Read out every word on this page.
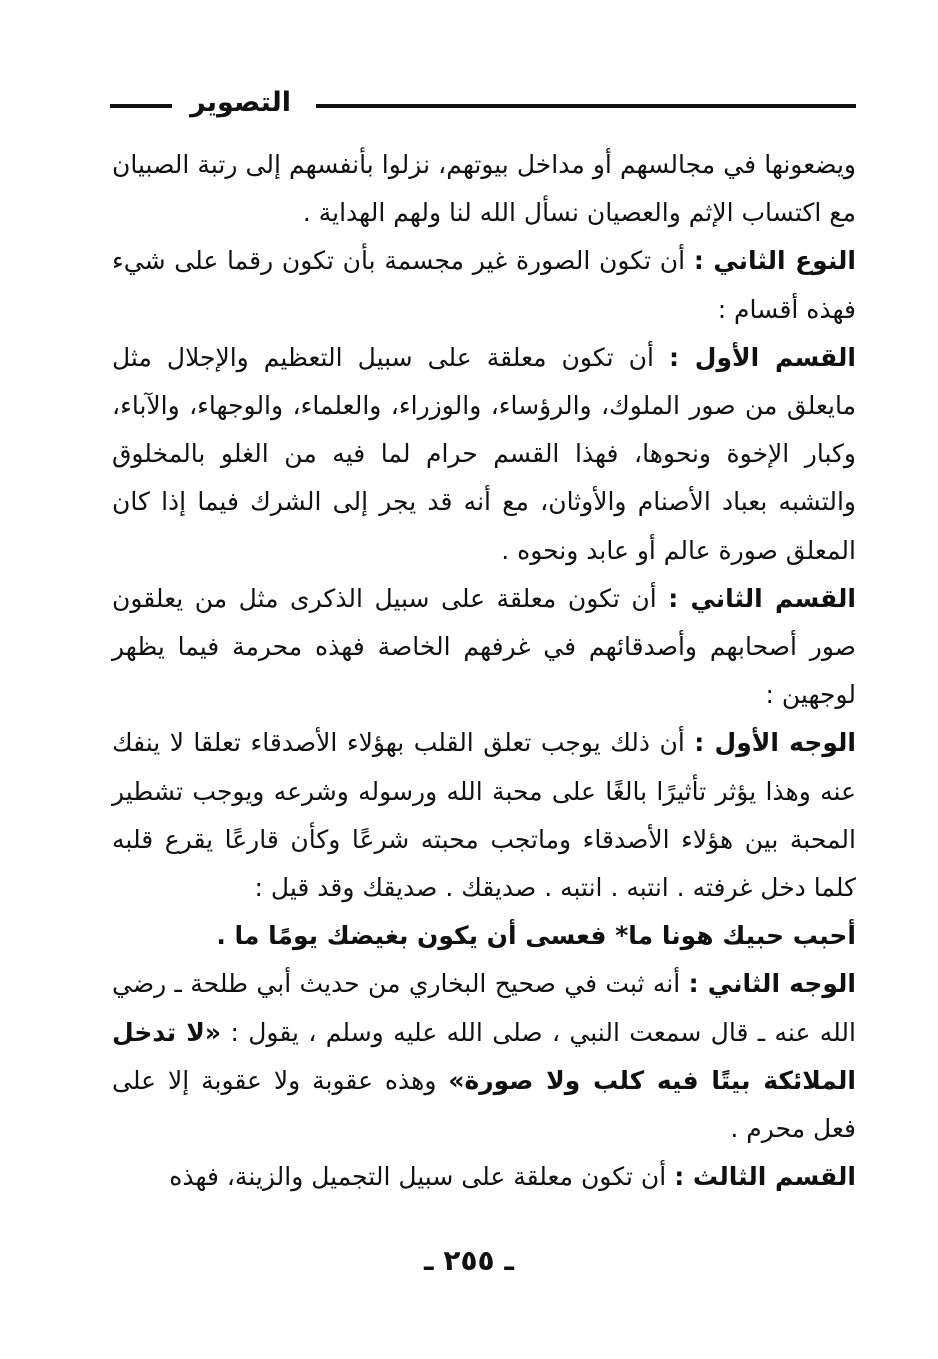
التصوير

ويضعونها في مجالسهم أو مداخل بيوتهم، نزلوا بأنفسهم إلى رتبة الصبيان مع اكتساب الإثم والعصيان نسأل الله لنا ولهم الهداية .

النوع الثاني : أن تكون الصورة غير مجسمة بأن تكون رقما على شيء فهذه أقسام :

القسم الأول : أن تكون معلقة على سبيل التعظيم والإجلال مثل مايعلق من صور الملوك، والرؤساء، والوزراء، والعلماء، والوجهاء، والآباء، وكبار الإخوة ونحوها، فهذا القسم حرام لما فيه من الغلو بالمخلوق والتشبه بعباد الأصنام والأوثان، مع أنه قد يجر إلى الشرك فيما إذا كان المعلق صورة عالم أو عابد ونحوه .

القسم الثاني : أن تكون معلقة على سبيل الذكرى مثل من يعلقون صور أصحابهم وأصدقائهم في غرفهم الخاصة فهذه محرمة فيما يظهر لوجهين :

الوجه الأول : أن ذلك يوجب تعلق القلب بهؤلاء الأصدقاء تعلقا لا ينفك عنه وهذا يؤثر تأثيرًا بالغًا على محبة الله ورسوله وشرعه ويوجب تشطير المحبة بين هؤلاء الأصدقاء وماتجب محبته شرعًا وكأن قارعًا يقرع قلبه كلما دخل غرفته . انتبه . انتبه . صديقك . صديقك وقد قيل :

أحبب حبيك هونا ما* فعسى أن يكون بغيضك يومًا ما .

الوجه الثاني : أنه ثبت في صحيح البخاري من حديث أبي طلحة ـ رضي الله عنه ـ قال سمعت النبي ، صلى الله عليه وسلم ، يقول : «لا تدخل الملائكة بيتًا فيه كلب ولا صورة» وهذه عقوبة ولا عقوبة إلا على فعل محرم .

القسم الثالث : أن تكون معلقة على سبيل التجميل والزينة، فهذه

ـ ٢٥٥ ـ
